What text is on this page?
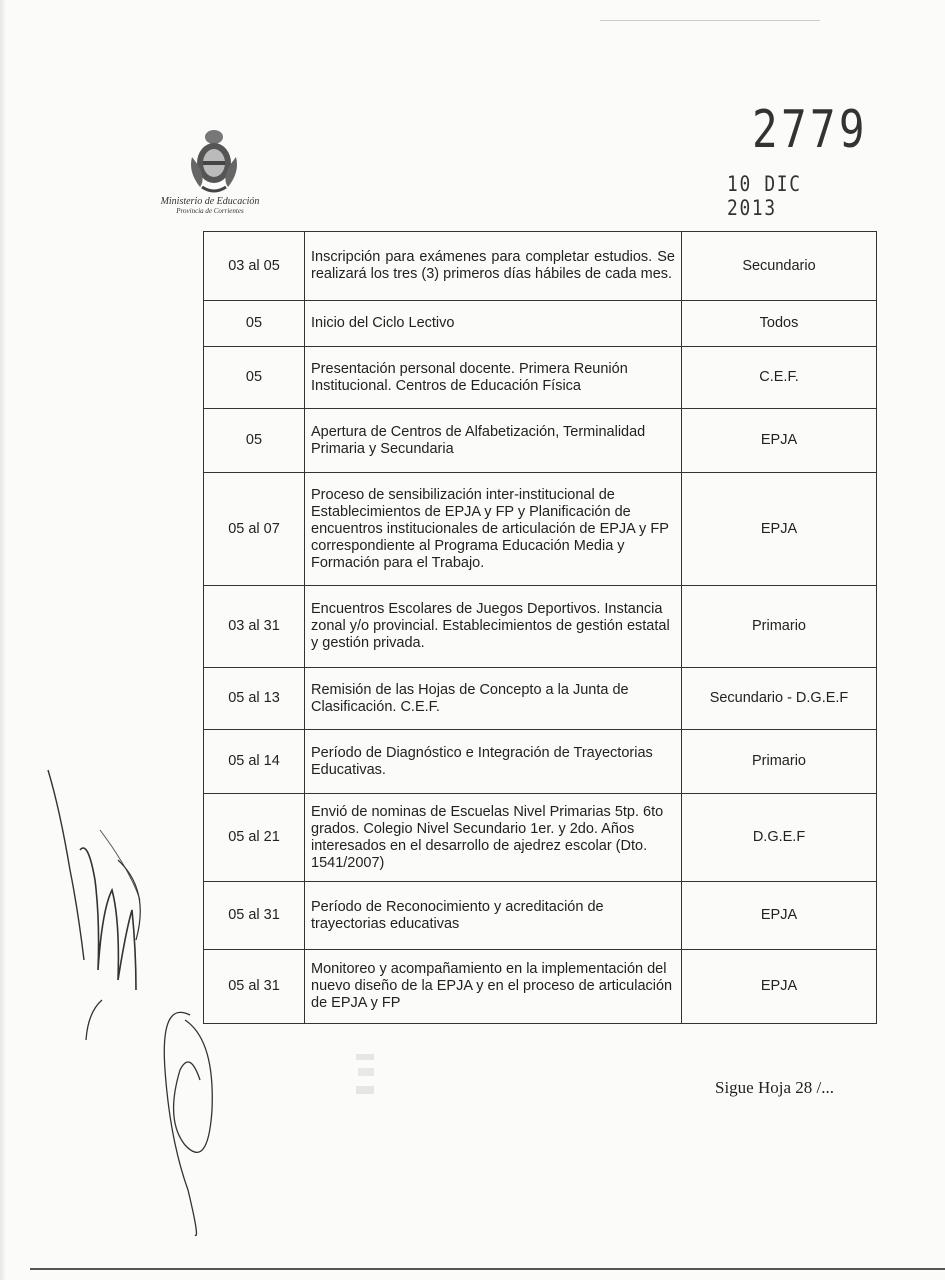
Ministerio de Educación
Provincia de Corrientes
2779
10 DIC 2013
03 al 05	Inscripción para exámenes para completar estudios. Se realizará los tres (3) primeros días hábiles de cada mes.	Secundario
05	Inicio del Ciclo Lectivo	Todos
05	Presentación personal docente. Primera Reunión Institucional. Centros de Educación Física	C.E.F.
05	Apertura de Centros de Alfabetización, Terminalidad Primaria y Secundaria	EPJA
05 al 07	Proceso de sensibilización inter-institucional de Establecimientos de EPJA y FP y Planificación de encuentros institucionales de articulación de EPJA y FP correspondiente al Programa Educación Media y Formación para el Trabajo.	EPJA
03 al 31	Encuentros Escolares de Juegos Deportivos. Instancia zonal y/o provincial. Establecimientos de gestión estatal y gestión privada.	Primario
05 al 13	Remisión de las Hojas de Concepto a la Junta de Clasificación. C.E.F.	Secundario - D.G.E.F
05 al 14	Período de Diagnóstico e Integración de Trayectorias Educativas.	Primario
05 al 21	Envió de nominas de Escuelas Nivel Primarias 5tp. 6to grados. Colegio Nivel Secundario 1er. y 2do. Años interesados en el desarrollo de ajedrez escolar (Dto. 1541/2007)	D.G.E.F
05 al 31	Período de Reconocimiento y acreditación de trayectorias educativas	EPJA
05 al 31	Monitoreo y acompañamiento en la implementación del nuevo diseño de la EPJA y en el proceso de articulación de EPJA y FP	EPJA
Sigue Hoja 28 /...
